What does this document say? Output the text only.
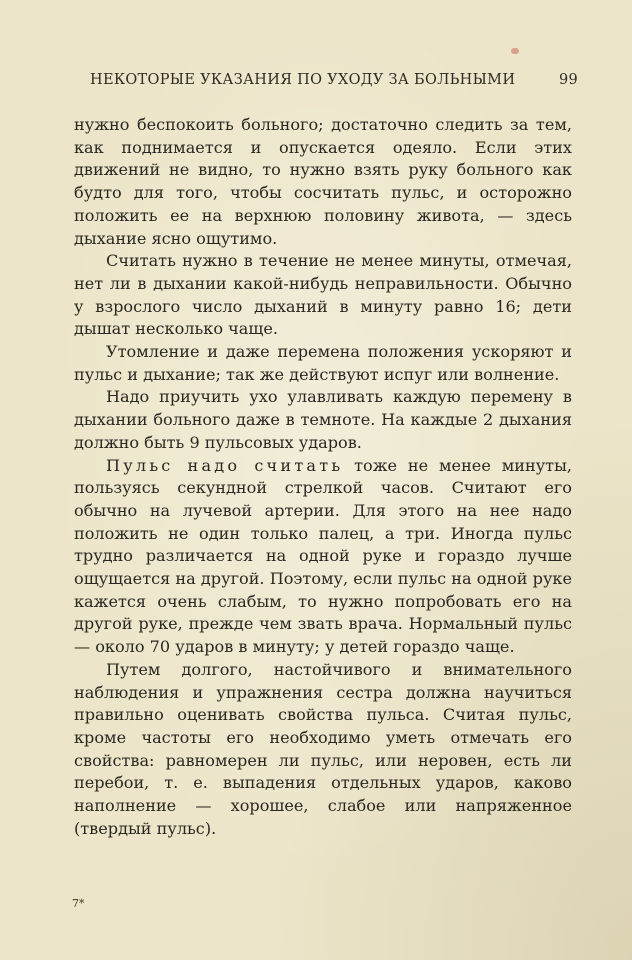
НЕКОТОРЫЕ УКАЗАНИЯ ПО УХОДУ ЗА БОЛЬНЫМИ	99

нужно беспокоить больного; достаточно следить за тем, как поднимается и опускается одеяло. Если этих движений не видно, то нужно взять руку больного как будто для того, чтобы сосчитать пульс, и осторожно положить ее на верхнюю половину живота, — здесь дыхание ясно ощутимо.

Считать нужно в течение не менее минуты, отмечая, нет ли в дыхании какой-нибудь неправильности. Обычно у взрослого число дыханий в минуту равно 16; дети дышат несколько чаще.

Утомление и даже перемена положения ускоряют и пульс и дыхание; так же действуют испуг или волнение.

Надо приучить ухо улавливать каждую перемену в дыхании больного даже в темноте. На каждые 2 дыхания должно быть 9 пульсовых ударов.

Пульс надо считать тоже не менее минуты, пользуясь секундной стрелкой часов. Считают его обычно на лучевой артерии. Для этого на нее надо положить не один только палец, а три. Иногда пульс трудно различается на одной руке и гораздо лучше ощущается на другой. Поэтому, если пульс на одной руке кажется очень слабым, то нужно попробовать его на другой руке, прежде чем звать врача. Нормальный пульс — около 70 ударов в минуту; у детей гораздо чаще.

Путем долгого, настойчивого и внимательного наблюдения и упражнения сестра должна научиться правильно оценивать свойства пульса. Считая пульс, кроме частоты его необходимо уметь отмечать его свойства: равномерен ли пульс, или неровен, есть ли перебои, т. е. выпадения отдельных ударов, каково наполнение — хорошее, слабое или напряженное (твердый пульс).

7*
